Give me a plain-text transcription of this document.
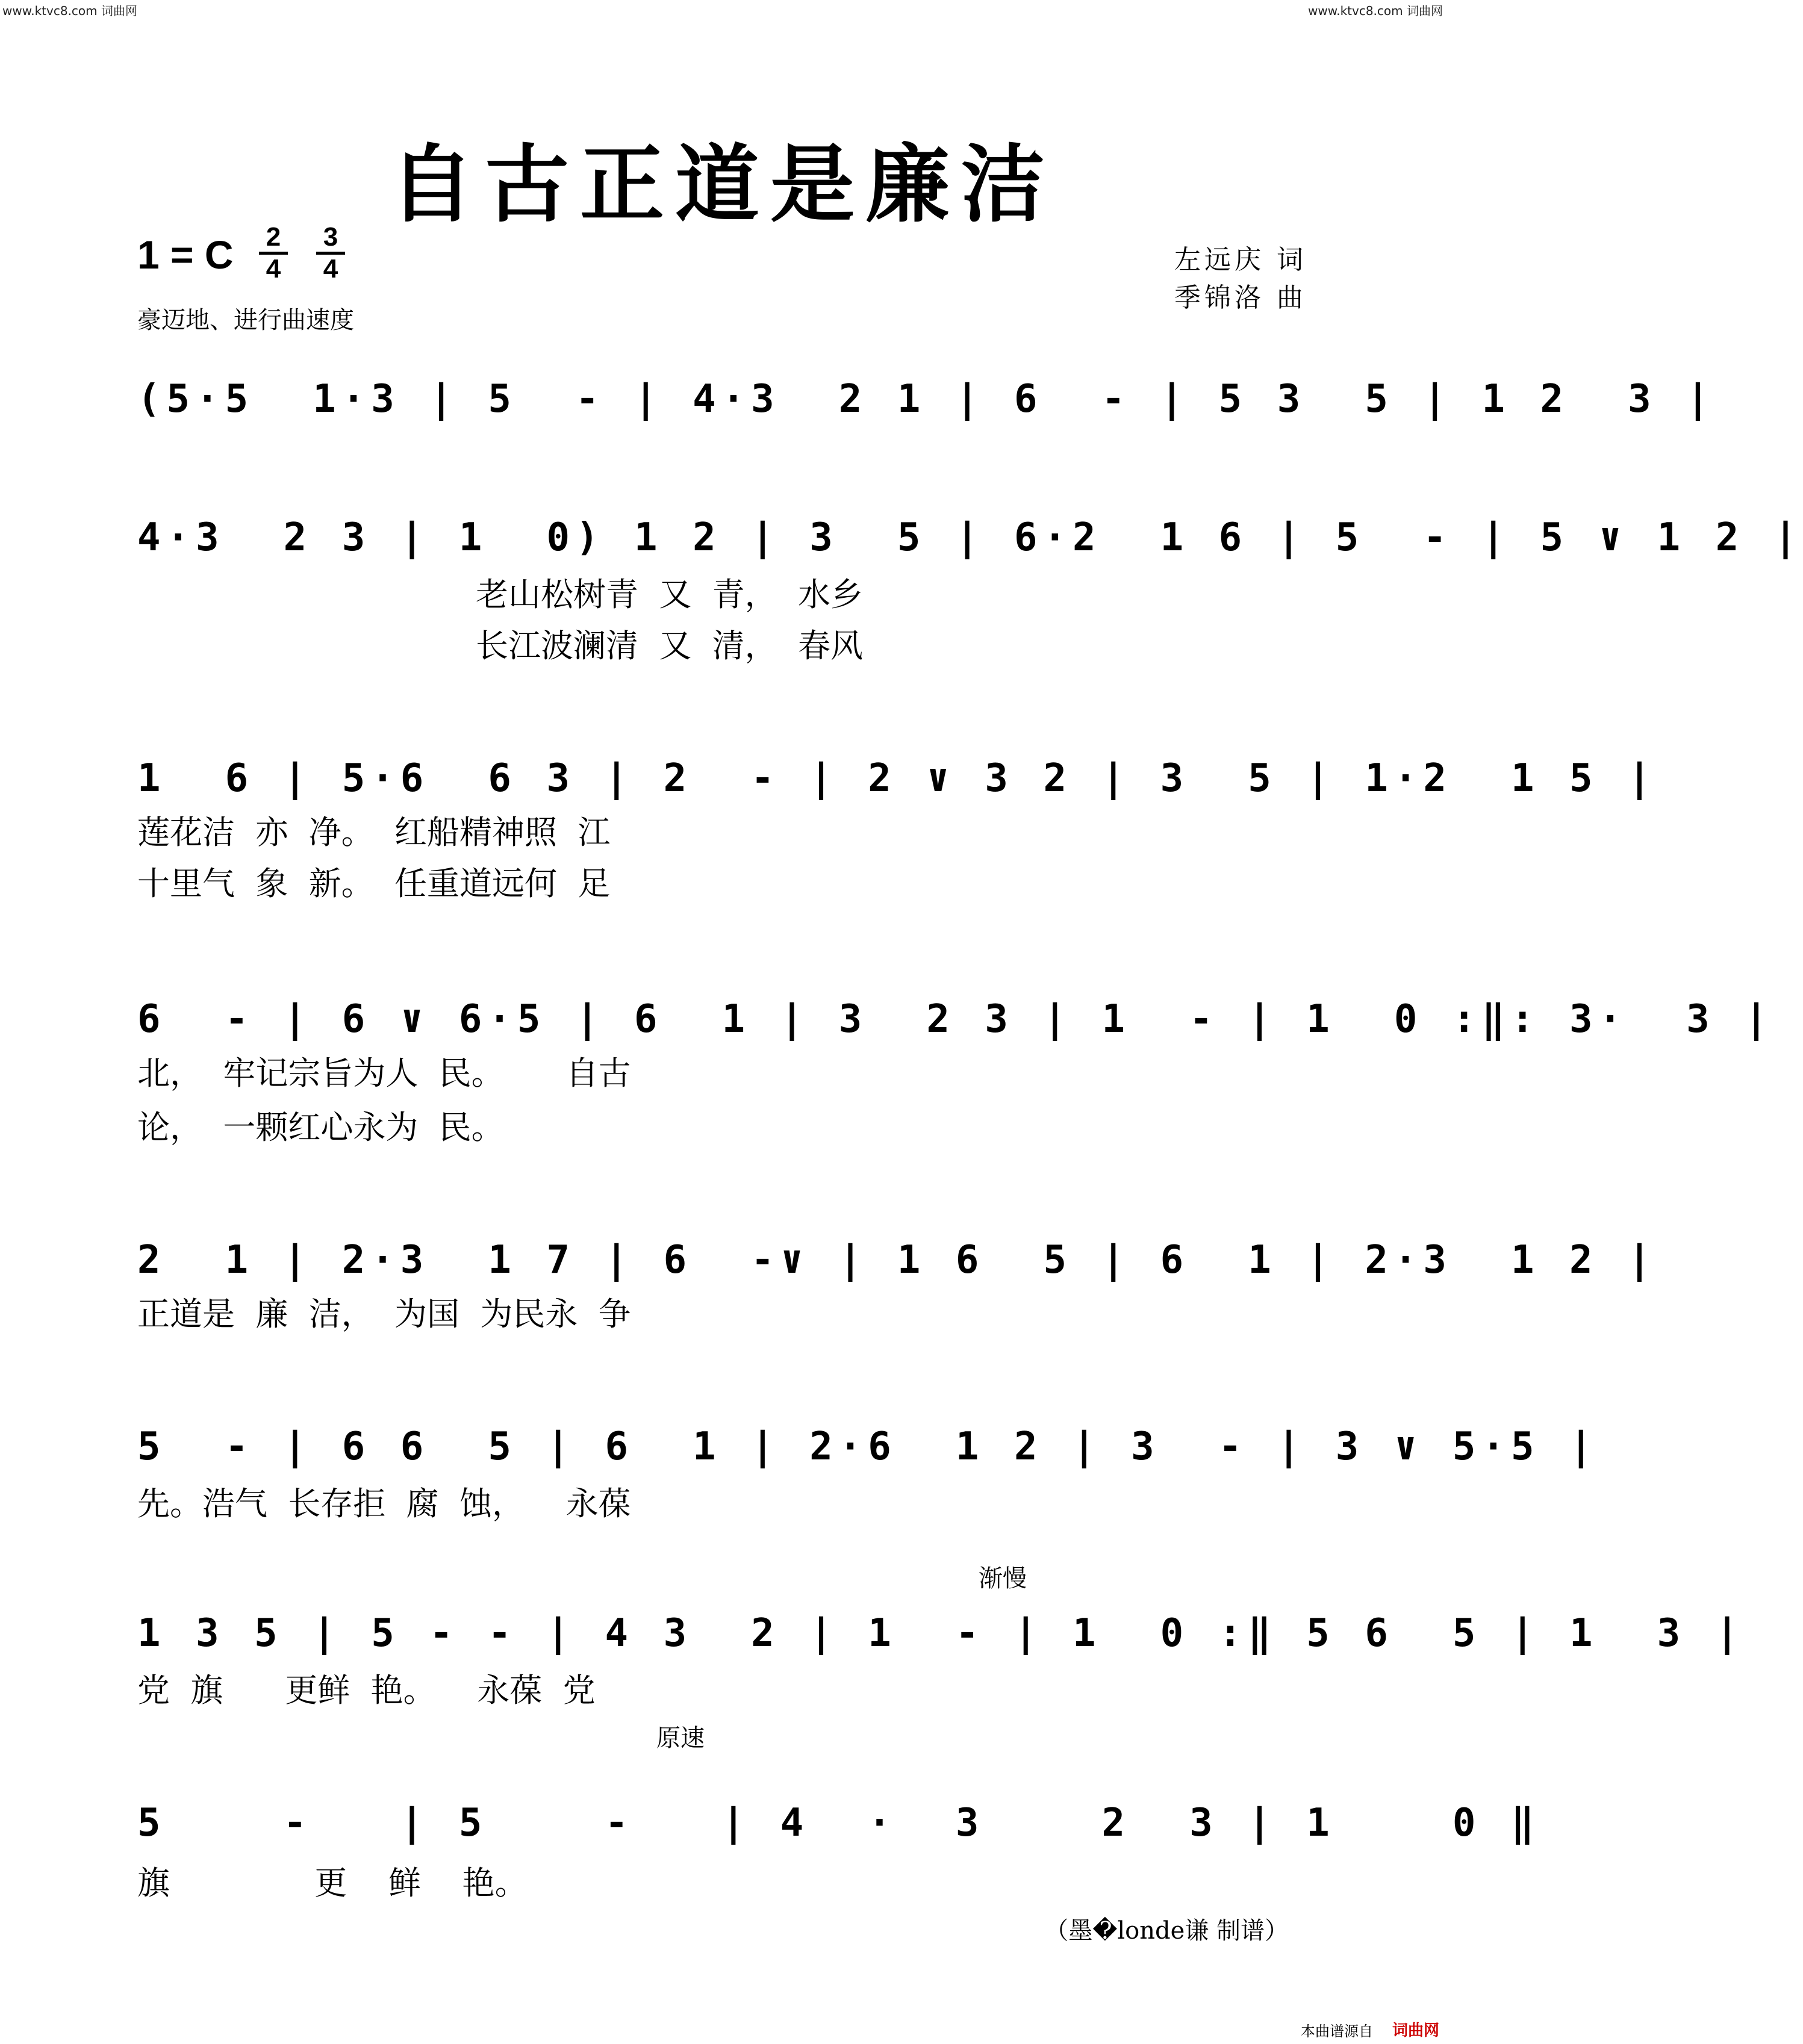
www.ktvc8.com 词曲网	www.ktvc8.com 词曲网
自古正道是廉洁
1 = C 2
4
3
4
豪迈地、进行曲速度
左远庆 词
季锦洛 曲
(5·5  1·3 | 5  - | 4·3  2 1 | 6  - | 5 3  5 | 1 2  3 |
4·3  2 3 | 1  0) 1 2 | 3  5 | 6·2  1 6 | 5  - | 5 ∨ 1 2 |
老山松树青  又  青，  水乡
长江波澜清  又  清，  春风
1  6 | 5·6  6 3 | 2  - | 2 ∨ 3 2 | 3  5 | 1·2  1 5 |
莲花洁  亦  净。  红船精神照  江
十里气  象  新。  任重道远何  足
6  - | 6 ∨ 6·5 | 6  1 | 3  2 3 | 1  - | 1  0 :‖: 3·  3 |
北，  牢记宗旨为人  民。      自古
论，  一颗红心永为  民。
2  1 | 2·3  1 7 | 6  -∨ | 1 6  5 | 6  1 | 2·3  1 2 |
正道是  廉  洁，  为国  为民永  争
5  - | 6 6  5 | 6  1 | 2·6  1 2 | 3  - | 3 ∨ 5·5 |
先。浩气  长存拒  腐  蚀，    永葆
渐慢
1 3 5 | 5 - - | 4 3  2 | 1  - | 1  0 :‖ 5 6  5 | 1  3 |
党  旗      更鲜  艳。    永葆  党
原速
5    -   | 5    -   | 4  ·  3    2  3 | 1    0 ‖
旗              更    鲜    艳。
（墨�londe谦 制谱）
本曲谱源自 词曲网
